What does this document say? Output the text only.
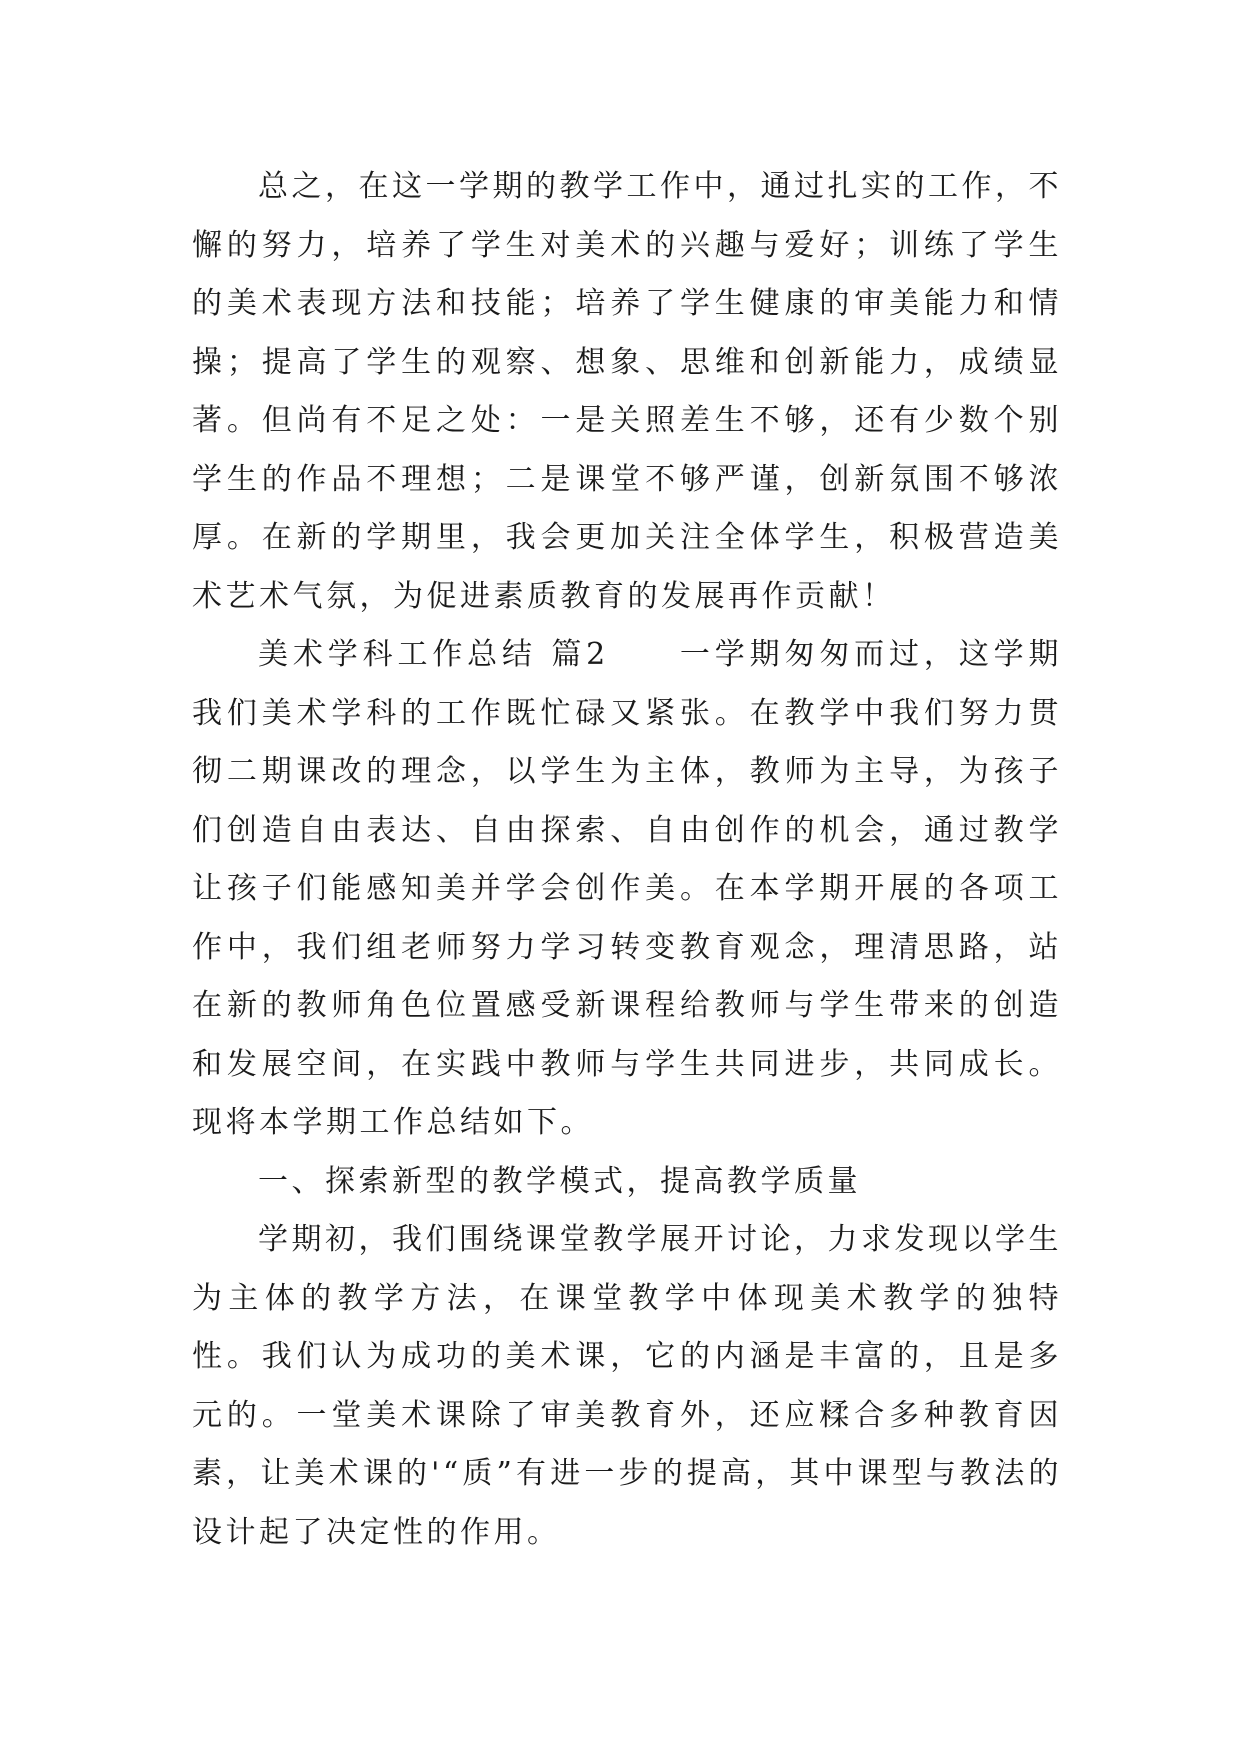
总之，在这一学期的教学工作中，通过扎实的工作，不懈的努力，培养了学生对美术的兴趣与爱好；训练了学生的美术表现方法和技能；培养了学生健康的审美能力和情操；提高了学生的观察、想象、思维和创新能力，成绩显著。但尚有不足之处：一是关照差生不够，还有少数个别学生的作品不理想；二是课堂不够严谨，创新氛围不够浓厚。在新的学期里，我会更加关注全体学生，积极营造美术艺术气氛，为促进素质教育的发展再作贡献！

美术学科工作总结 篇2　　一学期匆匆而过，这学期我们美术学科的工作既忙碌又紧张。在教学中我们努力贯彻二期课改的理念，以学生为主体，教师为主导，为孩子们创造自由表达、自由探索、自由创作的机会，通过教学让孩子们能感知美并学会创作美。在本学期开展的各项工作中，我们组老师努力学习转变教育观念，理清思路，站在新的教师角色位置感受新课程给教师与学生带来的创造和发展空间，在实践中教师与学生共同进步，共同成长。现将本学期工作总结如下。

一、探索新型的教学模式，提高教学质量

学期初，我们围绕课堂教学展开讨论，力求发现以学生为主体的教学方法，在课堂教学中体现美术教学的独特性。我们认为成功的美术课，它的内涵是丰富的，且是多元的。一堂美术课除了审美教育外，还应糅合多种教育因素，让美术课的'“质”有进一步的提高，其中课型与教法的设计起了决定性的作用。
